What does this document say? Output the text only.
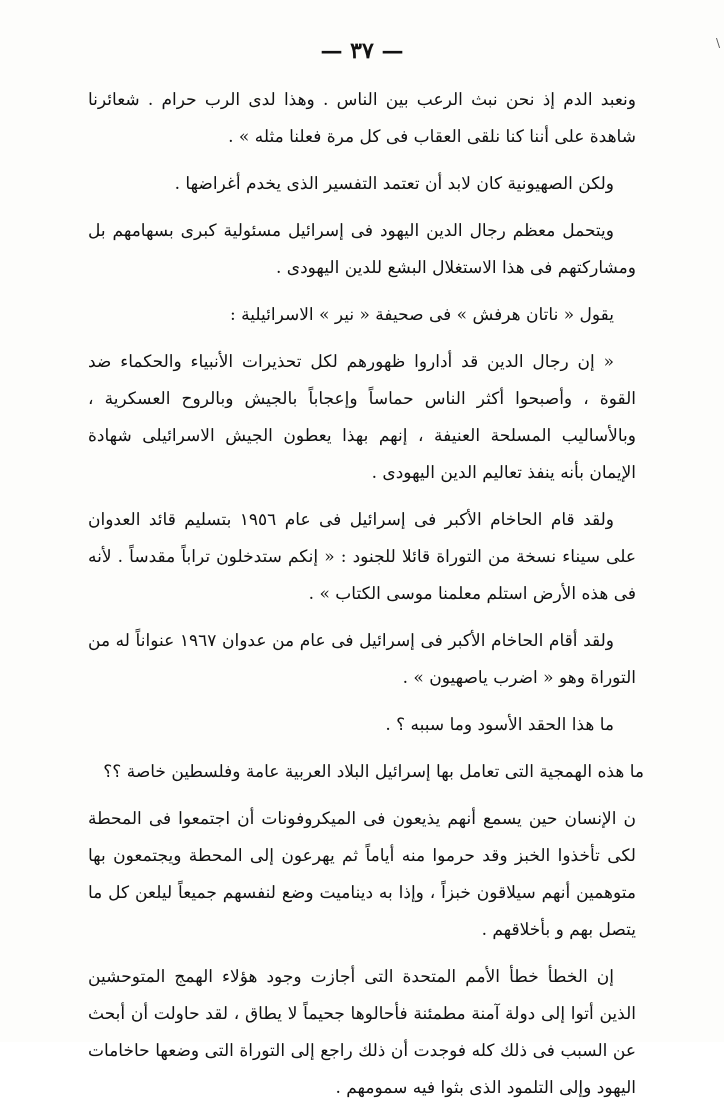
\
— ٣٧ —

ونعبد الدم إذ نحن نبث الرعب بين الناس . وهذا لدى الرب حرام . شعائرنا شاهدة على أننا كنا نلقى العقاب فى كل مرة فعلنا مثله » .

ولكن الصهيونية كان لابد أن تعتمد التفسير الذى يخدم أغراضها .

ويتحمل معظم رجال الدين اليهود فى إسرائيل مسئولية كبرى بسهامهم بل ومشاركتهم فى هذا الاستغلال البشع للدين اليهودى .

يقول « ناتان هرفش » فى صحيفة « نير » الاسرائيلية :

« إن رجال الدين قد أداروا ظهورهم لكل تحذيرات الأنبياء والحكماء ضد القوة ، وأصبحوا أكثر الناس حماساً وإعجاباً بالجيش وبالروح العسكرية ، وبالأساليب المسلحة العنيفة ، إنهم بهذا يعطون الجيش الاسرائيلى شهادة الإيمان بأنه ينفذ تعاليم الدين اليهودى .

ولقد قام الحاخام الأكبر فى إسرائيل فى عام ١٩٥٦ بتسليم قائد العدوان على سيناء نسخة من التوراة قائلا للجنود : « إنكم ستدخلون تراباً مقدساً . لأنه فى هذه الأرض استلم معلمنا موسى الكتاب » .

ولقد أقام الحاخام الأكبر فى إسرائيل فى عام من عدوان ١٩٦٧ عنواناً له من التوراة وهو « اضرب ياصهيون » .

ما هذا الحقد الأسود وما سببه ؟ .

ما هذه الهمجية التى تعامل بها إسرائيل البلاد العربية عامة وفلسطين خاصة ؟؟

ن الإنسان حين يسمع أنهم يذيعون فى الميكروفونات أن اجتمعوا فى المحطة لكى تأخذوا الخبز وقد حرموا منه أياماً ثم يهرعون إلى المحطة ويجتمعون بها متوهمين أنهم سيلاقون خبزاً ، وإذا به ديناميت وضع لنفسهم جميعاً ليلعن كل ما يتصل بهم و بأخلاقهم .

إن الخطأ خطأ الأمم المتحدة التى أجازت وجود هؤلاء الهمج المتوحشين الذين أتوا إلى دولة آمنة مطمئنة فأحالوها جحيماً لا يطاق ، لقد حاولت أن أبحث عن السبب فى ذلك كله فوجدت أن ذلك راجع إلى التوراة التى وضعها حاخامات اليهود وإلى التلمود الذى بثوا فيه سمومهم .
